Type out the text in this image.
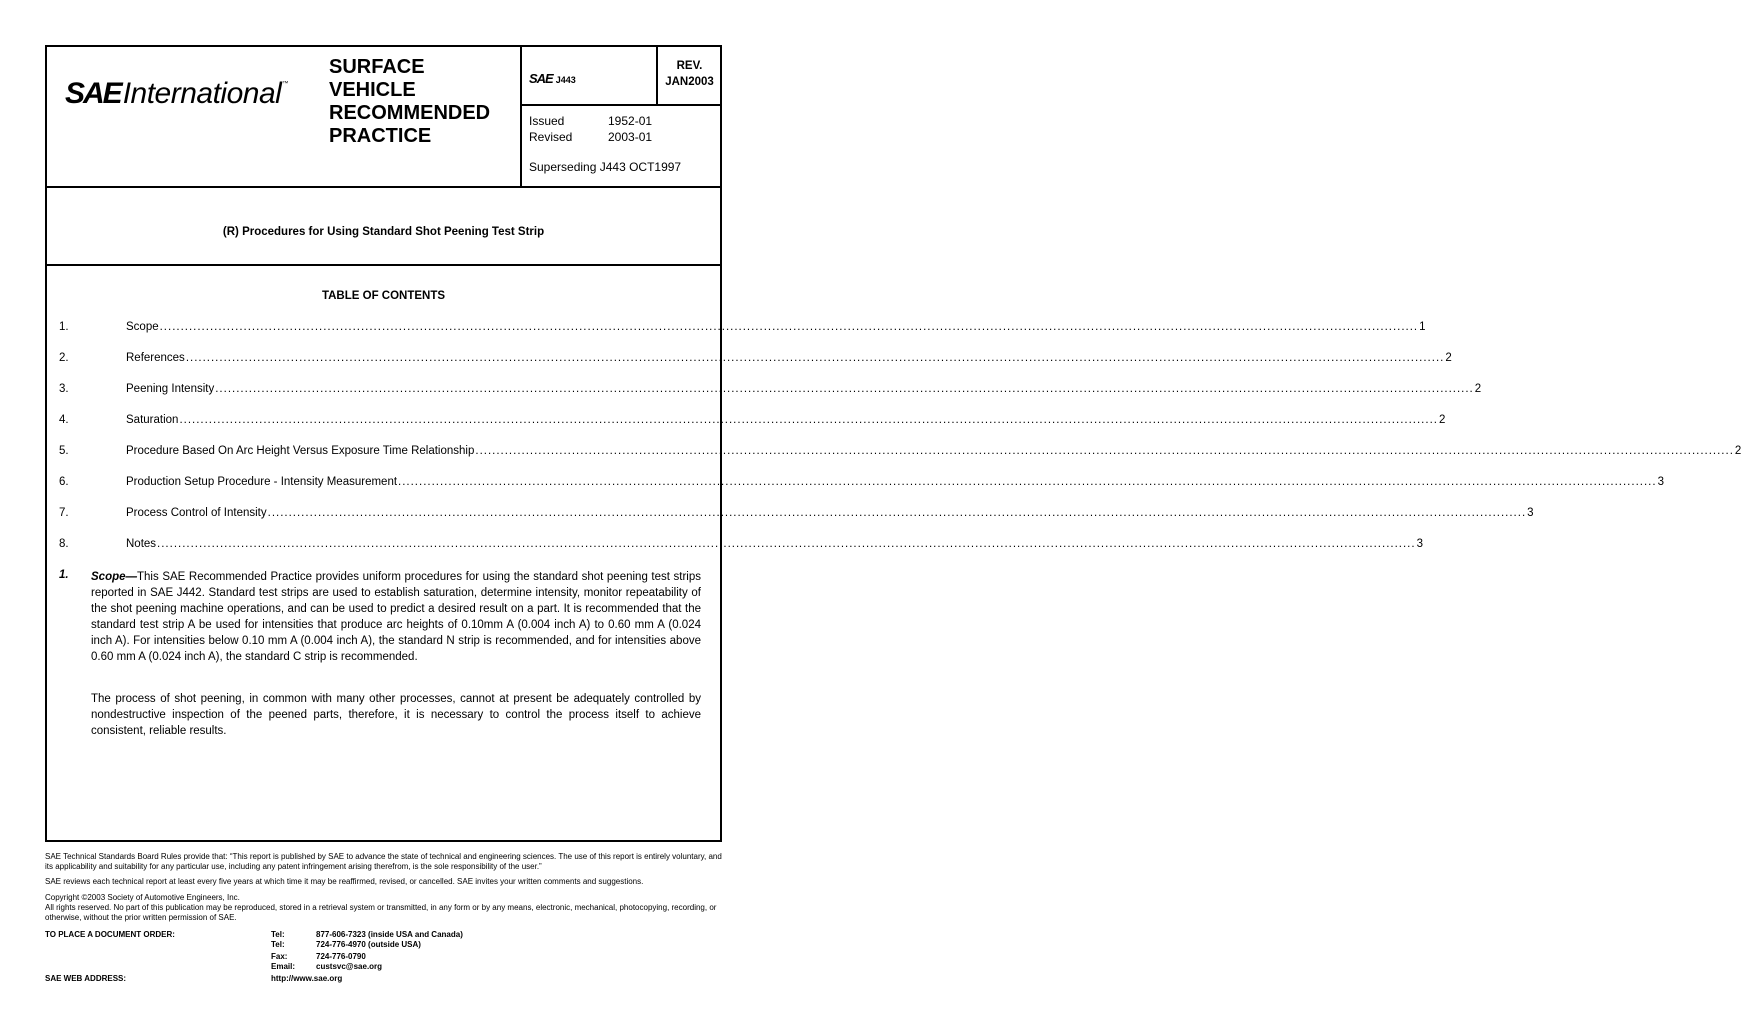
SAE International ™
SURFACE
VEHICLE
RECOMMENDED
PRACTICE
SAE J443
REV.
JAN2003
Issued	1952-01
Revised	2003-01
Superseding J443 OCT1997
(R) Procedures for Using Standard Shot Peening Test Strip
TABLE OF CONTENTS
1.	Scope ............................................................................................................................................................................................................................................................................................................ 1
2.	References ............................................................................................................................................................................................................................................................................................................ 2
3.	Peening Intensity ............................................................................................................................................................................................................................................................................................................ 2
4.	Saturation ............................................................................................................................................................................................................................................................................................................ 2
5.	Procedure Based On Arc Height Versus Exposure Time Relationship ............................................................................................................................................................................................................................................................................................................ 2
6.	Production Setup Procedure - Intensity Measurement ............................................................................................................................................................................................................................................................................................................ 3
7.	Process Control of Intensity ............................................................................................................................................................................................................................................................................................................ 3
8.	Notes ............................................................................................................................................................................................................................................................................................................ 3
1. Scope—This SAE Recommended Practice provides uniform procedures for using the standard shot peening test strips reported in SAE J442. Standard test strips are used to establish saturation, determine intensity, monitor repeatability of the shot peening machine operations, and can be used to predict a desired result on a part. It is recommended that the standard test strip A be used for intensities that produce arc heights of 0.10mm A (0.004 inch A) to 0.60 mm A (0.024 inch A). For intensities below 0.10 mm A (0.004 inch A), the standard N strip is recommended, and for intensities above 0.60 mm A (0.024 inch A), the standard C strip is recommended.
The process of shot peening, in common with many other processes, cannot at present be adequately controlled by nondestructive inspection of the peened parts, therefore, it is necessary to control the process itself to achieve consistent, reliable results.
SAE Technical Standards Board Rules provide that: “This report is published by SAE to advance the state of technical and engineering sciences. The use of this report is entirely voluntary, and its applicability and suitability for any particular use, including any patent infringement arising therefrom, is the sole responsibility of the user.”
SAE reviews each technical report at least every five years at which time it may be reaffirmed, revised, or cancelled. SAE invites your written comments and suggestions.
Copyright ©2003 Society of Automotive Engineers, Inc.
All rights reserved. No part of this publication may be reproduced, stored in a retrieval system or transmitted, in any form or by any means, electronic, mechanical, photocopying, recording, or otherwise, without the prior written permission of SAE.
TO PLACE A DOCUMENT ORDER:
SAE WEB ADDRESS:
Tel:	877-606-7323 (inside USA and Canada)
Tel:	724-776-4970 (outside USA)
Fax:	724-776-0790
Email:	custsvc@sae.org
http://www.sae.org
